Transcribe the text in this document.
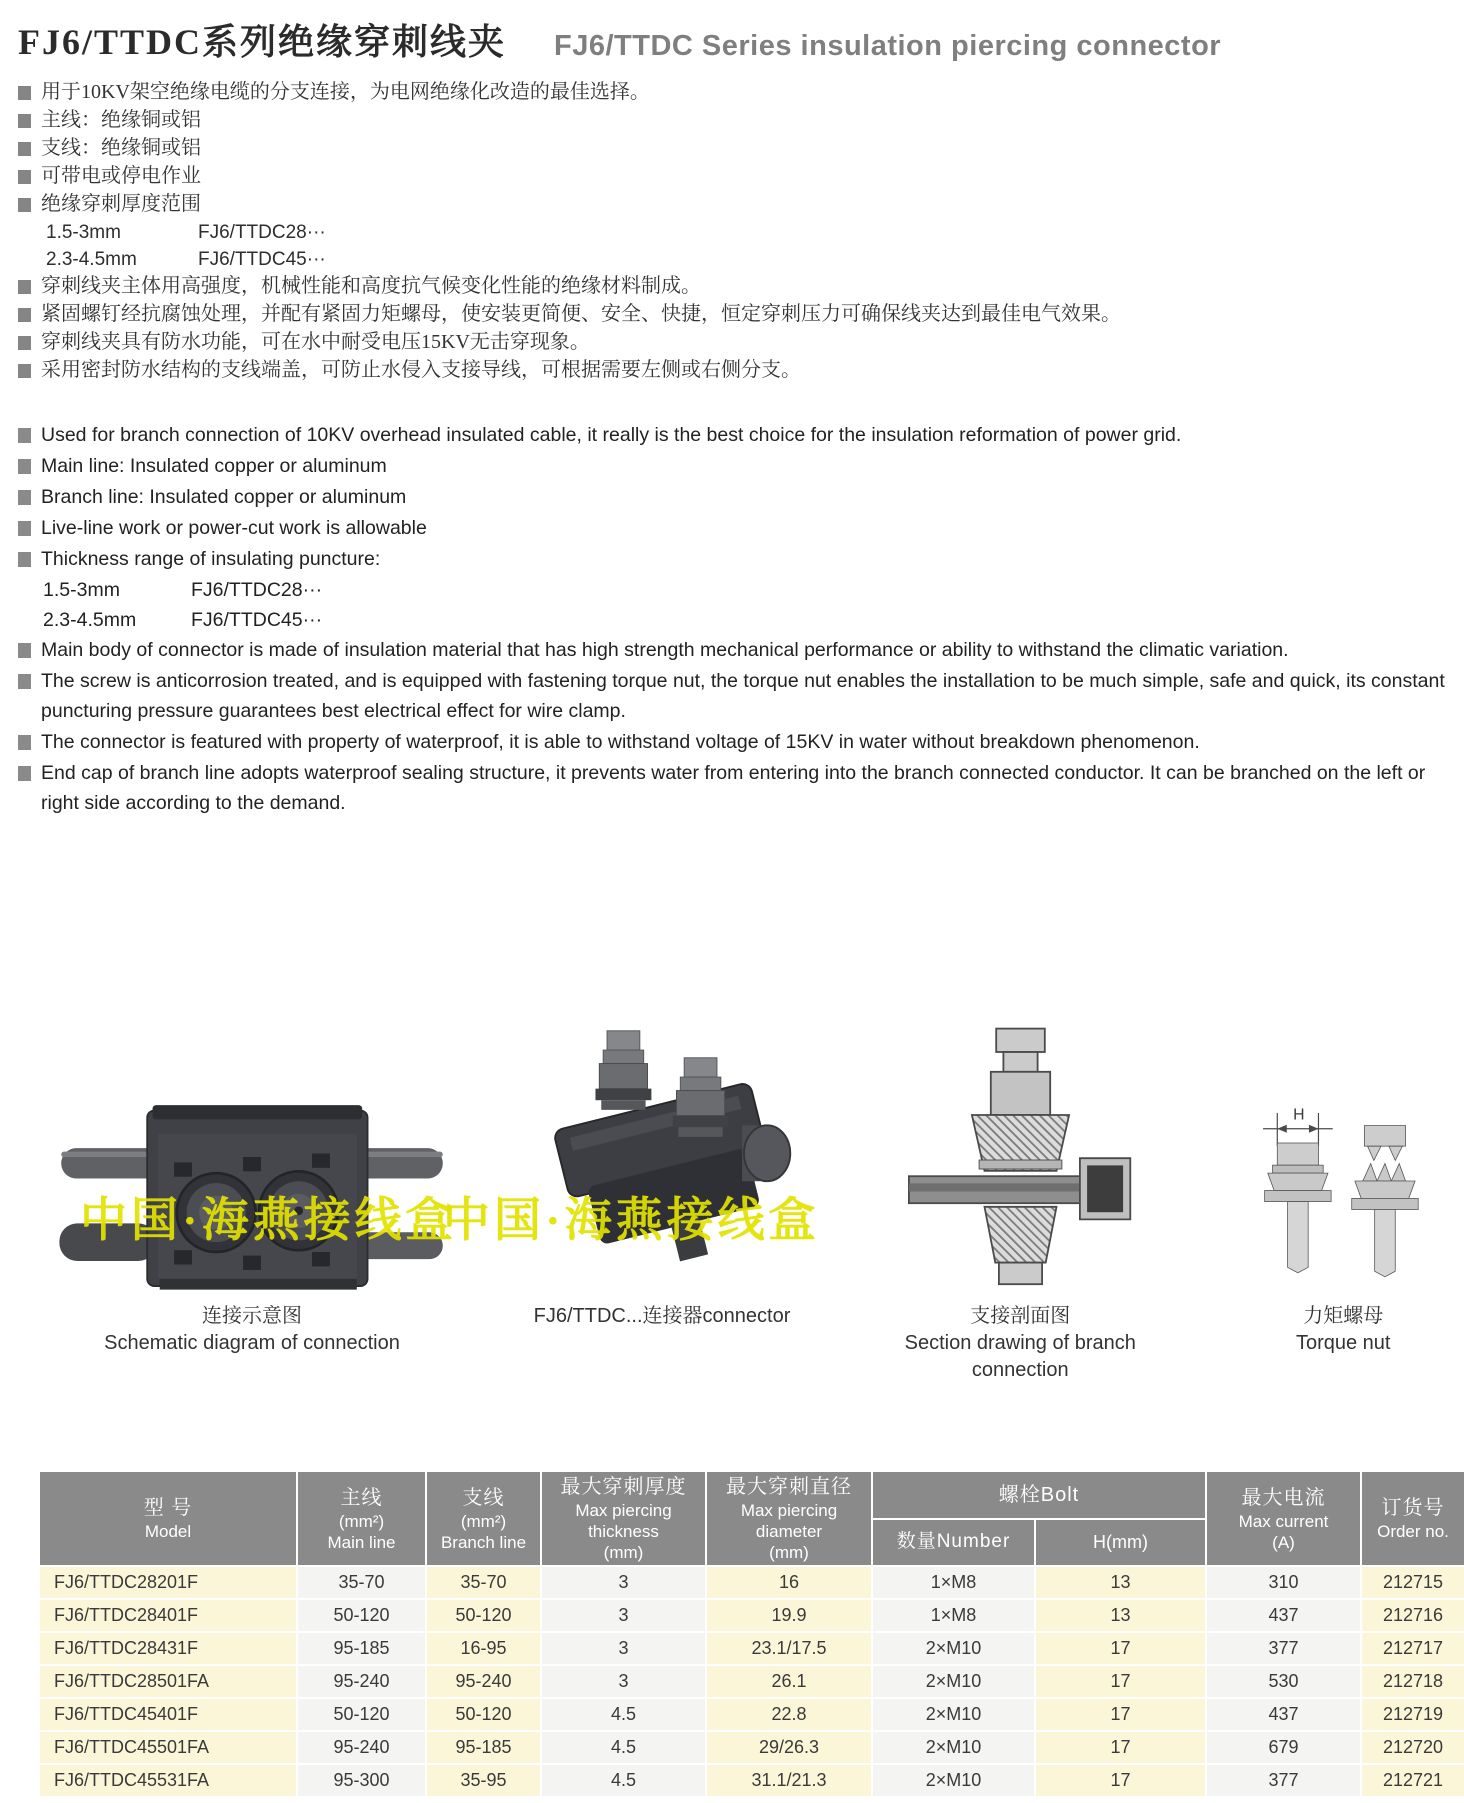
FJ6/TTDC系列绝缘穿刺线夹 FJ6/TTDC Series insulation piercing connector
用于10KV架空绝缘电缆的分支连接，为电网绝缘化改造的最佳选择。
主线：绝缘铜或铝
支线：绝缘铜或铝
可带电或停电作业
绝缘穿刺厚度范围
1.5-3mm	FJ6/TTDC28···
2.3-4.5mm	FJ6/TTDC45···
穿刺线夹主体用高强度，机械性能和高度抗气候变化性能的绝缘材料制成。
紧固螺钉经抗腐蚀处理，并配有紧固力矩螺母，使安装更简便、安全、快捷，恒定穿刺压力可确保线夹达到最佳电气效果。
穿刺线夹具有防水功能，可在水中耐受电压15KV无击穿现象。
采用密封防水结构的支线端盖，可防止水侵入支接导线，可根据需要左侧或右侧分支。
Used for branch connection of 10KV overhead insulated cable, it really is the best choice for the insulation reformation of power grid.
Main line: Insulated copper or aluminum
Branch line: Insulated copper or aluminum
Live-line work or power-cut work is allowable
Thickness range of insulating puncture:
1.5-3mm	FJ6/TTDC28···
2.3-4.5mm	FJ6/TTDC45···
Main body of connector is made of insulation material that has high strength mechanical performance or ability to withstand the climatic variation.
The screw is anticorrosion treated, and is equipped with fastening torque nut, the torque nut enables the installation to be much simple, safe and quick, its constant puncturing pressure guarantees best electrical effect for wire clamp.
The connector is featured with property of waterproof, it is able to withstand voltage of 15KV in water without breakdown phenomenon.
End cap of branch line adopts waterproof sealing structure, it prevents water from entering into the branch connected conductor. It can be branched on the left or right side according to the demand.
连接示意图
Schematic diagram of connection
FJ6/TTDC...连接器connector	支接剖面图
Section drawing of branch connection
H
力矩螺母
Torque nut
中国·海燕接线盒
中国·海燕接线盒
型 号
Model	主线
(mm²)
Main line	支线
(mm²)
Branch line	最大穿刺厚度
Max piercing
thickness
(mm)	最大穿刺直径
Max piercing
diameter
(mm)	螺栓Bolt		最大电流
Max current
(A)	订货号
Order no.

					数量Number	H(mm)		

FJ6/TTDC28201F	35-70	35-70	3	16	1×M8	13	310	212715
FJ6/TTDC28401F	50-120	50-120	3	19.9	1×M8	13	437	212716
FJ6/TTDC28431F	95-185	16-95	3	23.1/17.5	2×M10	17	377	212717
FJ6/TTDC28501FA	95-240	95-240	3	26.1	2×M10	17	530	212718
FJ6/TTDC45401F	50-120	50-120	4.5	22.8	2×M10	17	437	212719
FJ6/TTDC45501FA	95-240	95-185	4.5	29/26.3	2×M10	17	679	212720
FJ6/TTDC45531FA	95-300	35-95	4.5	31.1/21.3	2×M10	17	377	212721
